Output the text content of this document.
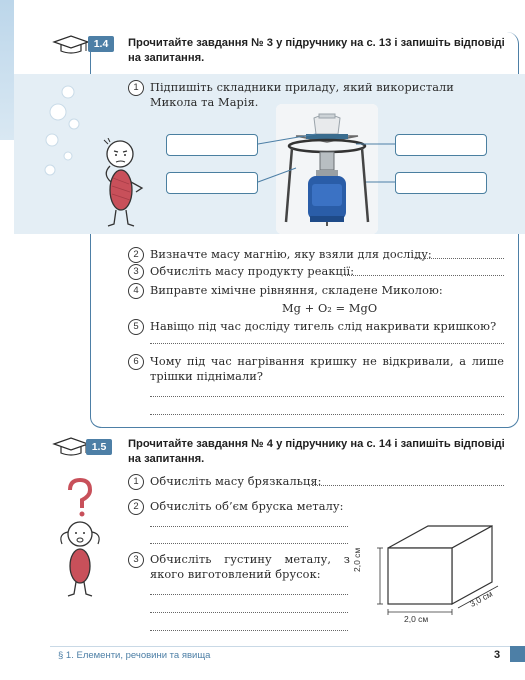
1.4	Прочитайте завдання № 3 у підручнику на с. 13 і запишіть відповіді на запитання.
1	Підпишіть складники приладу, який використали Микола та Марія.
2	Визначте масу магнію, яку взяли для досліду:
3	Обчисліть масу продукту реакції:
4	Виправте хімічне рівняння, складене Миколою:
Mg + O₂ = MgO
5	Навіщо під час досліду тигель слід накривати кришкою?
6	Чому під час нагрівання кришку не відкривали, а лише трішки піднімали?
1.5	Прочитайте завдання № 4 у підручнику на с. 14 і запишіть відповіді на запитання.
1	Обчисліть масу брязкальця:
2	Обчисліть об’єм бруска металу:
3	Обчисліть густину металу, з якого виготовлений брусок:
2,0 см
2,0 см
3,0 см
§ 1. Елементи, речовини та явища	3
